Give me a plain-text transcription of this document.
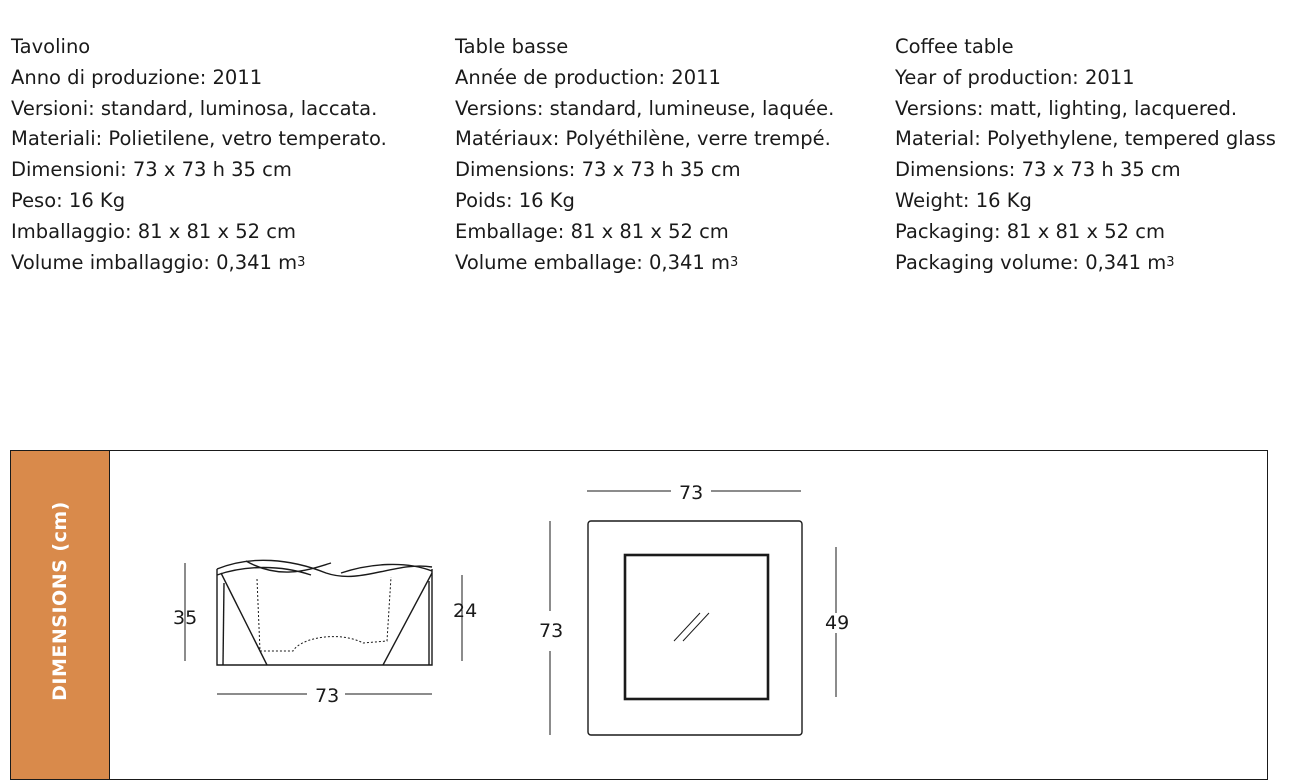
Tavolino
Anno di produzione: 2011
Versioni: standard, luminosa, laccata.
Materiali: Polietilene, vetro temperato.
Dimensioni: 73 x 73 h 35 cm
Peso: 16 Kg
Imballaggio: 81 x 81 x 52 cm
Volume imballaggio: 0,341 $m^3$
Table basse
Année de production: 2011
Versions: standard, lumineuse, laquée.
Matériaux: Polyéthilène, verre trempé.
Dimensions: 73 x 73 h 35 cm
Poids: 16 Kg
Emballage: 81 x 81 x 52 cm
Volume emballage: 0,341 $m^3$
Coffee table
Year of production: 2011
Versions: matt, lighting, lacquered.
Material: Polyethylene, tempered glass
Dimensions: 73 x 73 h 35 cm
Weight: 16 Kg
Packaging: 81 x 81 x 52 cm
Packaging volume: 0,341 $m^3$
DIMENSIONS (cm)	35	24
73
73
73	49
